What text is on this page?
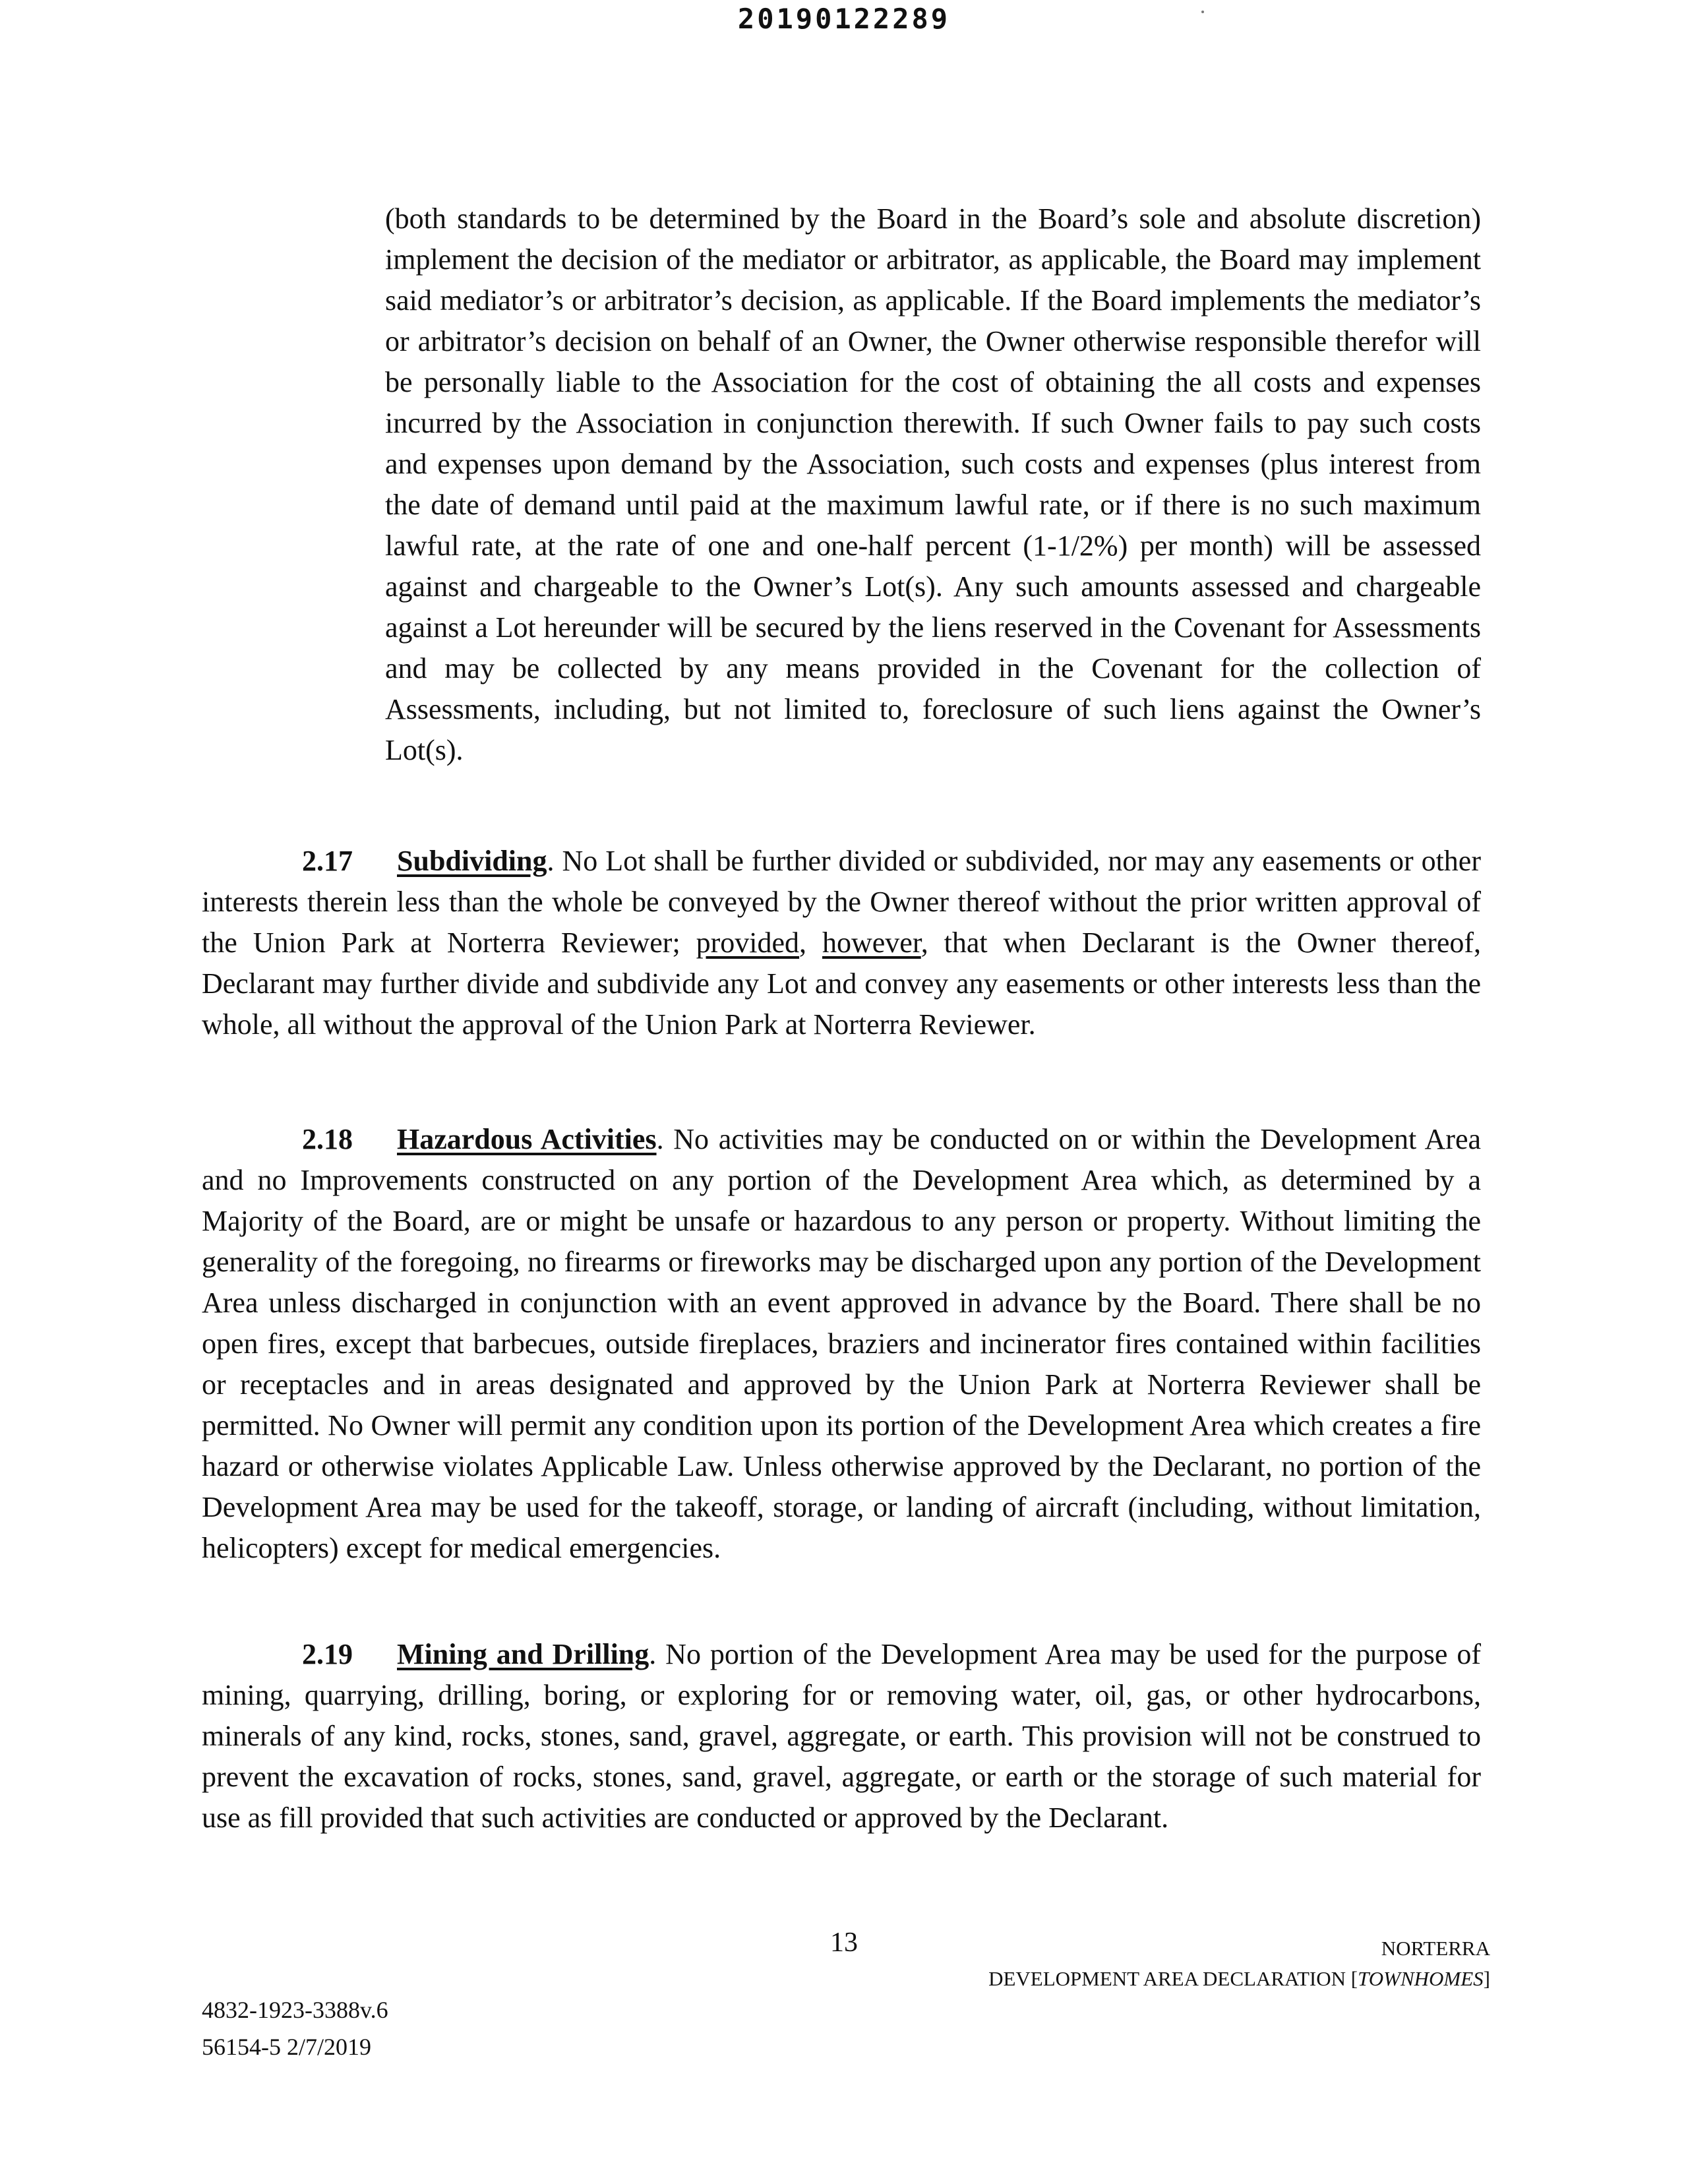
20190122289
(both standards to be determined by the Board in the Board’s sole and absolute discretion) implement the decision of the mediator or arbitrator, as applicable, the Board may implement said mediator’s or arbitrator’s decision, as applicable. If the Board implements the mediator’s or arbitrator’s decision on behalf of an Owner, the Owner otherwise responsible therefor will be personally liable to the Association for the cost of obtaining the all costs and expenses incurred by the Association in conjunction therewith. If such Owner fails to pay such costs and expenses upon demand by the Association, such costs and expenses (plus interest from the date of demand until paid at the maximum lawful rate, or if there is no such maximum lawful rate, at the rate of one and one-half percent (1-1/2%) per month) will be assessed against and chargeable to the Owner’s Lot(s). Any such amounts assessed and chargeable against a Lot hereunder will be secured by the liens reserved in the Covenant for Assessments and may be collected by any means provided in the Covenant for the collection of Assessments, including, but not limited to, foreclosure of such liens against the Owner’s Lot(s).
2.17 Subdividing. No Lot shall be further divided or subdivided, nor may any easements or other interests therein less than the whole be conveyed by the Owner thereof without the prior written approval of the Union Park at Norterra Reviewer; provided, however, that when Declarant is the Owner thereof, Declarant may further divide and subdivide any Lot and convey any easements or other interests less than the whole, all without the approval of the Union Park at Norterra Reviewer.
2.18 Hazardous Activities. No activities may be conducted on or within the Development Area and no Improvements constructed on any portion of the Development Area which, as determined by a Majority of the Board, are or might be unsafe or hazardous to any person or property. Without limiting the generality of the foregoing, no firearms or fireworks may be discharged upon any portion of the Development Area unless discharged in conjunction with an event approved in advance by the Board. There shall be no open fires, except that barbecues, outside fireplaces, braziers and incinerator fires contained within facilities or receptacles and in areas designated and approved by the Union Park at Norterra Reviewer shall be permitted. No Owner will permit any condition upon its portion of the Development Area which creates a fire hazard or otherwise violates Applicable Law. Unless otherwise approved by the Declarant, no portion of the Development Area may be used for the takeoff, storage, or landing of aircraft (including, without limitation, helicopters) except for medical emergencies.
2.19 Mining and Drilling. No portion of the Development Area may be used for the purpose of mining, quarrying, drilling, boring, or exploring for or removing water, oil, gas, or other hydrocarbons, minerals of any kind, rocks, stones, sand, gravel, aggregate, or earth. This provision will not be construed to prevent the excavation of rocks, stones, sand, gravel, aggregate, or earth or the storage of such material for use as fill provided that such activities are conducted or approved by the Declarant.
13	NORTERRA
DEVELOPMENT AREA DECLARATION [TOWNHOMES]
4832-1923-3388v.6
56154-5 2/7/2019
